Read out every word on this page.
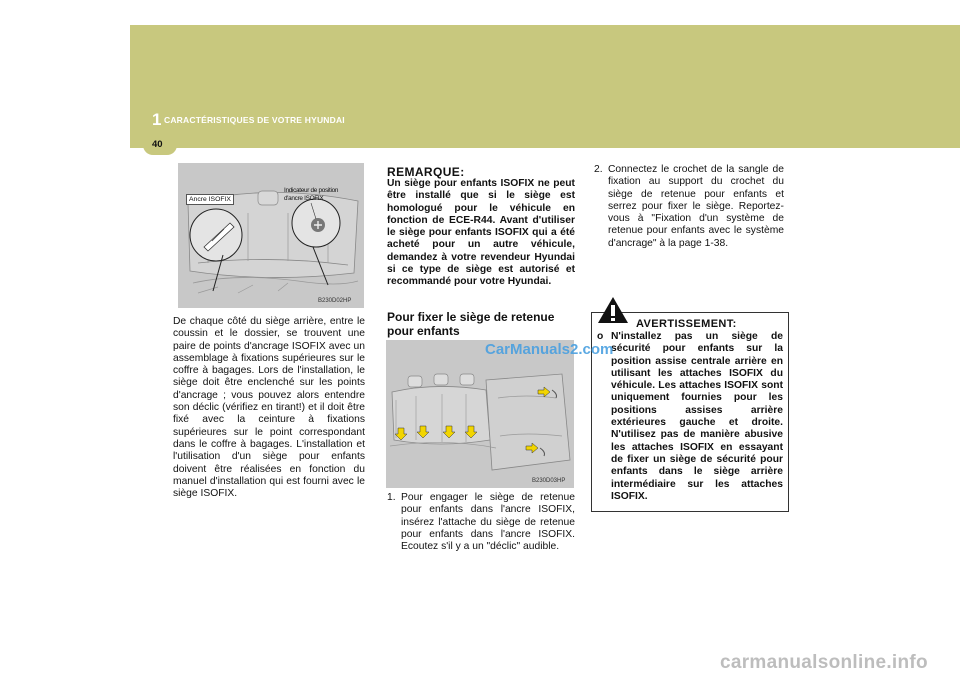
1 CARACTÉRISTIQUES DE VOTRE HYUNDAI
40
Ancre ISOFIX
Indicateur de position
d'ancre ISOFIX
B230D02HP
De chaque côté du siège arrière, entre le coussin et le dossier, se trouvent une paire de points d'ancrage ISOFIX avec un assemblage à fixations supérieures sur le coffre à bagages. Lors de l'installation, le siège doit être enclenché sur les points d'ancrage ; vous pouvez alors entendre son déclic (vérifiez en tirant!) et il doit être fixé avec la ceinture à fixations supérieures sur le point correspondant dans le coffre à bagages. L'installation et l'utilisation d'un siège pour enfants doivent être réalisées en fonction du manuel d'installation qui est fourni avec le siège ISOFIX.
REMARQUE:
Un siège pour enfants ISOFIX ne peut être installé que si le siège est homologué pour le véhicule en fonction de ECE-R44. Avant d'utiliser le siège pour enfants ISOFIX qui a été acheté pour un autre véhicule, demandez à votre revendeur Hyundai si ce type de siège est autorisé et recommandé pour votre Hyundai.
Pour fixer le siège de retenue pour enfants
B230D03HP
1. Pour engager le siège de retenue pour enfants dans l'ancre ISOFIX, insérez l'attache du siège de retenue pour enfants dans l'ancre ISOFIX. Ecoutez s'il y a un "déclic" audible.
2. Connectez le crochet de la sangle de fixation au support du crochet du siège de retenue pour enfants et serrez pour fixer le siège. Reportez-vous à "Fixation d'un système de retenue pour enfants avec le système d'ancrage" à la page 1-38.
AVERTISSEMENT:
o N'installez pas un siège de sécurité pour enfants sur la position assise centrale arrière en utilisant les attaches ISOFIX du véhicule. Les attaches ISOFIX sont uniquement fournies pour les positions assises arrière extérieures gauche et droite. N'utilisez pas de manière abusive les attaches ISOFIX en essayant de fixer un siège de sécurité pour enfants dans le siège arrière intermédiaire sur les attaches ISOFIX.
CarManuals2.com
carmanualsonline.info
